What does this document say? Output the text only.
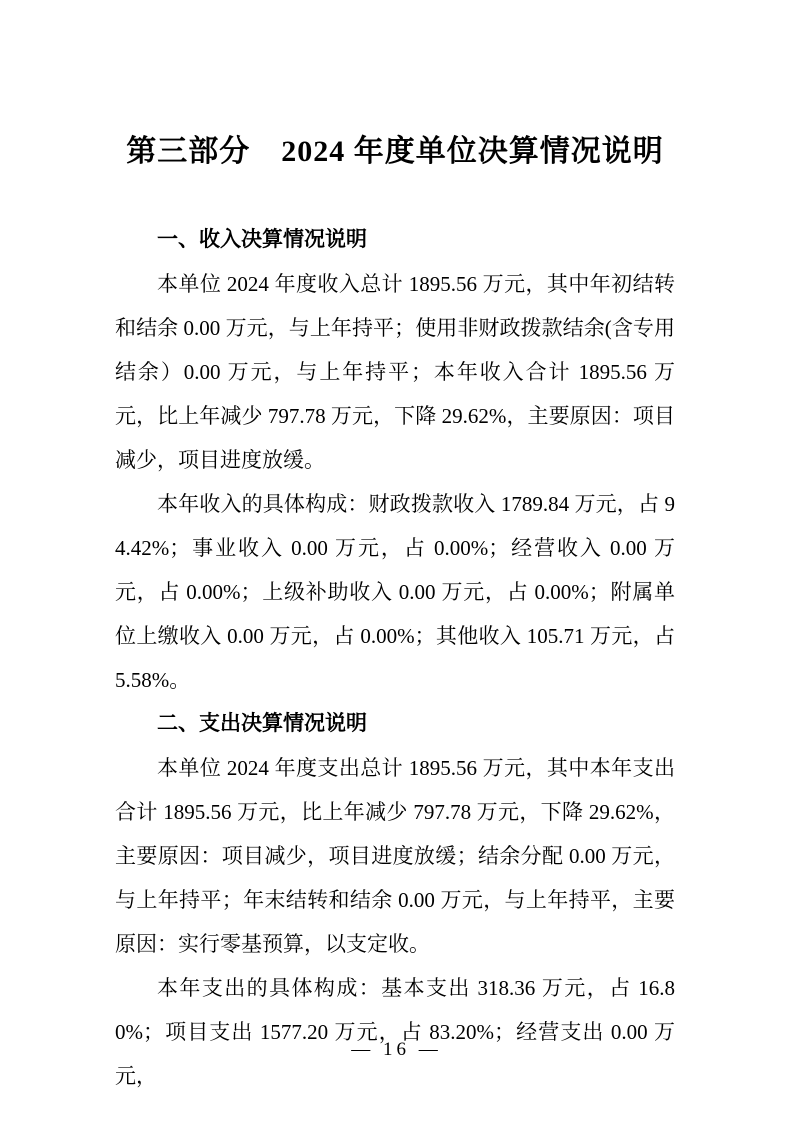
第三部分　2024 年度单位决算情况说明
一、收入决算情况说明

本单位 2024 年度收入总计 1895.56 万元，其中年初结转和结余 0.00 万元，与上年持平；使用非财政拨款结余(含专用结余）0.00 万元，与上年持平；本年收入合计 1895.56 万元，比上年减少 797.78 万元，下降 29.62%，主要原因：项目减少，项目进度放缓。

本年收入的具体构成：财政拨款收入 1789.84 万元，占 94.42%；事业收入 0.00 万元，占 0.00%；经营收入 0.00 万元，占 0.00%；上级补助收入 0.00 万元，占 0.00%；附属单位上缴收入 0.00 万元，占 0.00%；其他收入 105.71 万元，占 5.58%。

二、支出决算情况说明

本单位 2024 年度支出总计 1895.56 万元，其中本年支出合计 1895.56 万元，比上年减少 797.78 万元，下降 29.62%，主要原因：项目减少，项目进度放缓；结余分配 0.00 万元，与上年持平；年末结转和结余 0.00 万元，与上年持平，主要原因：实行零基预算，以支定收。

本年支出的具体构成：基本支出 318.36 万元，占 16.80%；项目支出 1577.20 万元，占 83.20%；经营支出 0.00 万元，

— 16 —
